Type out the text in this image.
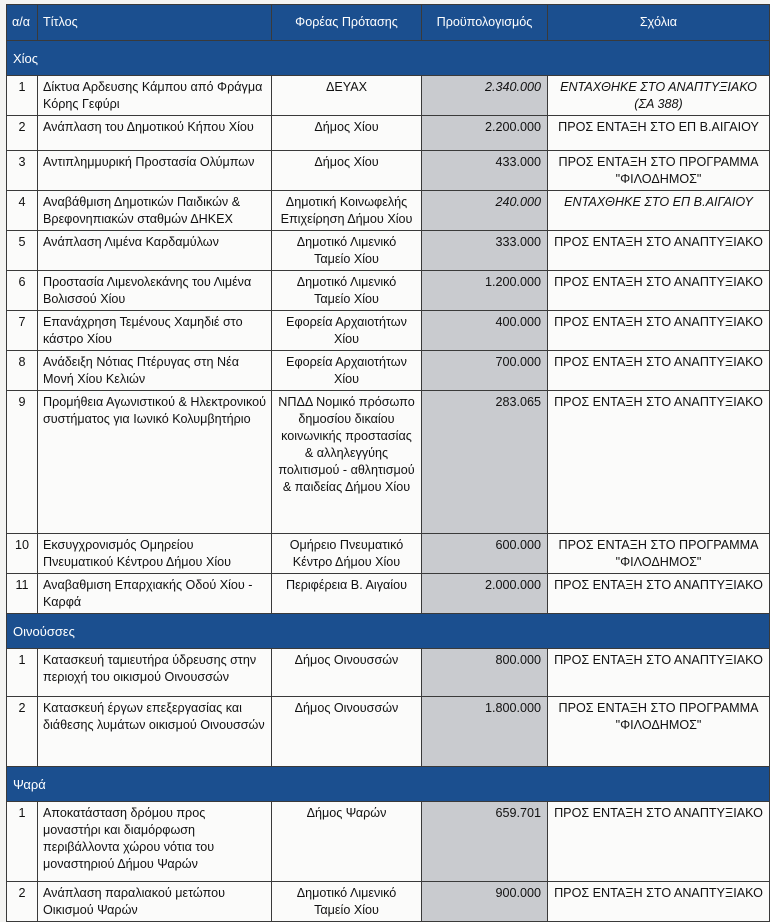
α/α	Τίτλος	Φορέας Πρότασης	Προϋπολογισμός	Σχόλια
Χίος				
1	Δίκτυα Αρδευσης Κάμπου από Φράγμα Κόρης Γεφύρι	ΔΕΥΑΧ	2.340.000	ΕΝΤΑΧΘΗΚΕ ΣΤΟ ΑΝΑΠΤΥΞΙΑΚΟ (ΣΑ 388)
2	Ανάπλαση του Δημοτικού Κήπου Χίου	Δήμος Χίου	2.200.000	ΠΡΟΣ ΕΝΤΑΞΗ ΣΤΟ ΕΠ Β.ΑΙΓΑΙΟΥ
3	Αντιπλημμυρική Προστασία Ολύμπων	Δήμος Χίου	433.000	ΠΡΟΣ ΕΝΤΑΞΗ ΣΤΟ ΠΡΟΓΡΑΜΜΑ "ΦΙΛΟΔΗΜΟΣ"
4	Αναβάθμιση Δημοτικών Παιδικών & Βρεφονηπιακών σταθμών ΔΗΚΕΧ	Δημοτική Κοινωφελής Επιχείρηση Δήμου Χίου	240.000	ΕΝΤΑΧΘΗΚΕ ΣΤΟ ΕΠ Β.ΑΙΓΑΙΟΥ
5	Ανάπλαση Λιμένα Καρδαμύλων	Δημοτικό Λιμενικό Ταμείο Χίου	333.000	ΠΡΟΣ ΕΝΤΑΞΗ ΣΤΟ ΑΝΑΠΤΥΞΙΑΚΟ
6	Προστασία Λιμενολεκάνης του Λιμένα Βολισσού Χίου	Δημοτικό Λιμενικό Ταμείο Χίου	1.200.000	ΠΡΟΣ ΕΝΤΑΞΗ ΣΤΟ ΑΝΑΠΤΥΞΙΑΚΟ
7	Επανάχρηση Τεμένους Χαμηδιέ στο κάστρο Χίου	Εφορεία Αρχαιοτήτων Χίου	400.000	ΠΡΟΣ ΕΝΤΑΞΗ ΣΤΟ ΑΝΑΠΤΥΞΙΑΚΟ
8	Ανάδειξη Νότιας Πτέρυγας στη Νέα Μονή Χίου Κελιών	Εφορεία Αρχαιοτήτων Χίου	700.000	ΠΡΟΣ ΕΝΤΑΞΗ ΣΤΟ ΑΝΑΠΤΥΞΙΑΚΟ
9	Προμήθεια Αγωνιστικού & Ηλεκτρονικού συστήματος για Ιωνικό Κολυμβητήριο	ΝΠΔΔ Νομικό πρόσωπο δημοσίου δικαίου κοινωνικής προστασίας & αλληλεγγύης πολιτισμού - αθλητισμού & παιδείας Δήμου Χίου	283.065	ΠΡΟΣ ΕΝΤΑΞΗ ΣΤΟ ΑΝΑΠΤΥΞΙΑΚΟ
10	Εκσυγχρονισμός Ομηρείου Πνευματικού Κέντρου Δήμου Χίου	Ομήρειο Πνευματικό Κέντρο Δήμου Χίου	600.000	ΠΡΟΣ ΕΝΤΑΞΗ ΣΤΟ ΠΡΟΓΡΑΜΜΑ "ΦΙΛΟΔΗΜΟΣ"
11	Αναβαθμιση Επαρχιακής Οδού Χίου - Καρφά	Περιφέρεια Β. Αιγαίου	2.000.000	ΠΡΟΣ ΕΝΤΑΞΗ ΣΤΟ ΑΝΑΠΤΥΞΙΑΚΟ
Οινούσσες				
1	Κατασκευή ταμιευτήρα ύδρευσης στην περιοχή του οικισμού Οινουσσών	Δήμος Οινουσσών	800.000	ΠΡΟΣ ΕΝΤΑΞΗ ΣΤΟ ΑΝΑΠΤΥΞΙΑΚΟ
2	Κατασκευή έργων επεξεργασίας και διάθεσης λυμάτων οικισμού Οινουσσών	Δήμος Οινουσσών	1.800.000	ΠΡΟΣ ΕΝΤΑΞΗ ΣΤΟ ΠΡΟΓΡΑΜΜΑ "ΦΙΛΟΔΗΜΟΣ"
Ψαρά				
1	Αποκατάσταση δρόμου προς μοναστήρι και διαμόρφωση περιβάλλοντα χώρου νότια του μοναστηριού Δήμου Ψαρών	Δήμος Ψαρών	659.701	ΠΡΟΣ ΕΝΤΑΞΗ ΣΤΟ ΑΝΑΠΤΥΞΙΑΚΟ
2	Ανάπλαση παραλιακού μετώπου Οικισμού Ψαρών	Δημοτικό Λιμενικό Ταμείο Χίου	900.000	ΠΡΟΣ ΕΝΤΑΞΗ ΣΤΟ ΑΝΑΠΤΥΞΙΑΚΟ
